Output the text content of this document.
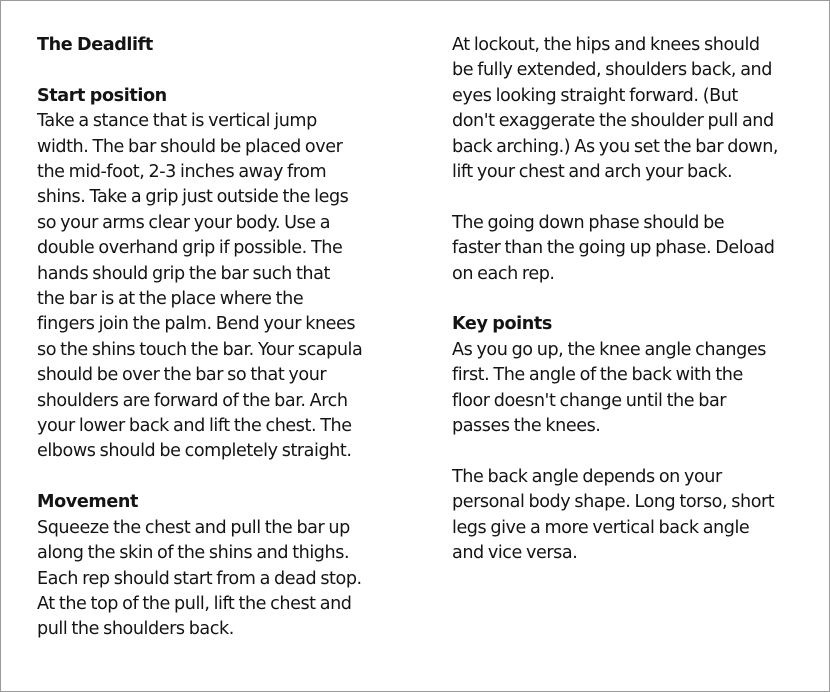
The Deadlift

Start position

Take a stance that is vertical jump
width. The bar should be placed over
the mid-foot, 2-3 inches away from
shins. Take a grip just outside the legs
so your arms clear your body. Use a
double overhand grip if possible. The
hands should grip the bar such that
the bar is at the place where the
fingers join the palm. Bend your knees
so the shins touch the bar. Your scapula
should be over the bar so that your
shoulders are forward of the bar. Arch
your lower back and lift the chest. The
elbows should be completely straight.

Movement

Squeeze the chest and pull the bar up
along the skin of the shins and thighs.
Each rep should start from a dead stop.
At the top of the pull, lift the chest and
pull the shoulders back.

At lockout, the hips and knees should
be fully extended, shoulders back, and
eyes looking straight forward. (But
don't exaggerate the shoulder pull and
back arching.) As you set the bar down,
lift your chest and arch your back.

The going down phase should be
faster than the going up phase. Deload
on each rep.

Key points

As you go up, the knee angle changes
first. The angle of the back with the
floor doesn't change until the bar
passes the knees.

The back angle depends on your
personal body shape. Long torso, short
legs give a more vertical back angle
and vice versa.
